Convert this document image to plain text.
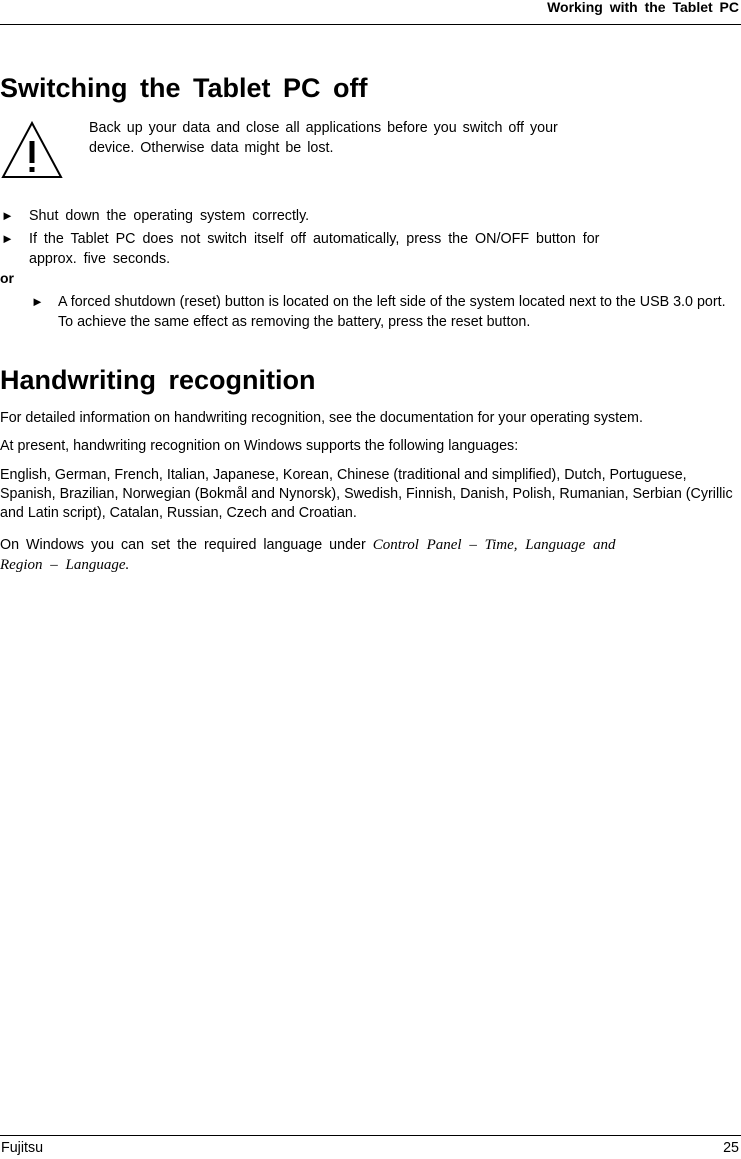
Working with the Tablet PC
Switching the Tablet PC off
Back up your data and close all applications before you switch off your
device. Otherwise data might be lost.
►	Shut down the operating system correctly.
►	If the Tablet PC does not switch itself off automatically, press the ON/OFF button for approx. five seconds.
or
► A forced shutdown (reset) button is located on the left side of the system located next to the USB 3.0 port. To achieve the same effect as removing the battery, press the reset button.
Handwriting recognition

For detailed information on handwriting recognition, see the documentation for your operating system.

At present, handwriting recognition on Windows supports the following languages:

English, German, French, Italian, Japanese, Korean, Chinese (traditional and simplified), Dutch, Portuguese, Spanish, Brazilian, Norwegian (Bokmål and Nynorsk), Swedish, Finnish, Danish, Polish, Rumanian, Serbian (Cyrillic and Latin script), Catalan, Russian, Czech and Croatian.

On Windows you can set the required language under Control Panel – Time, Language and Region – Language.

Fujitsu	25
